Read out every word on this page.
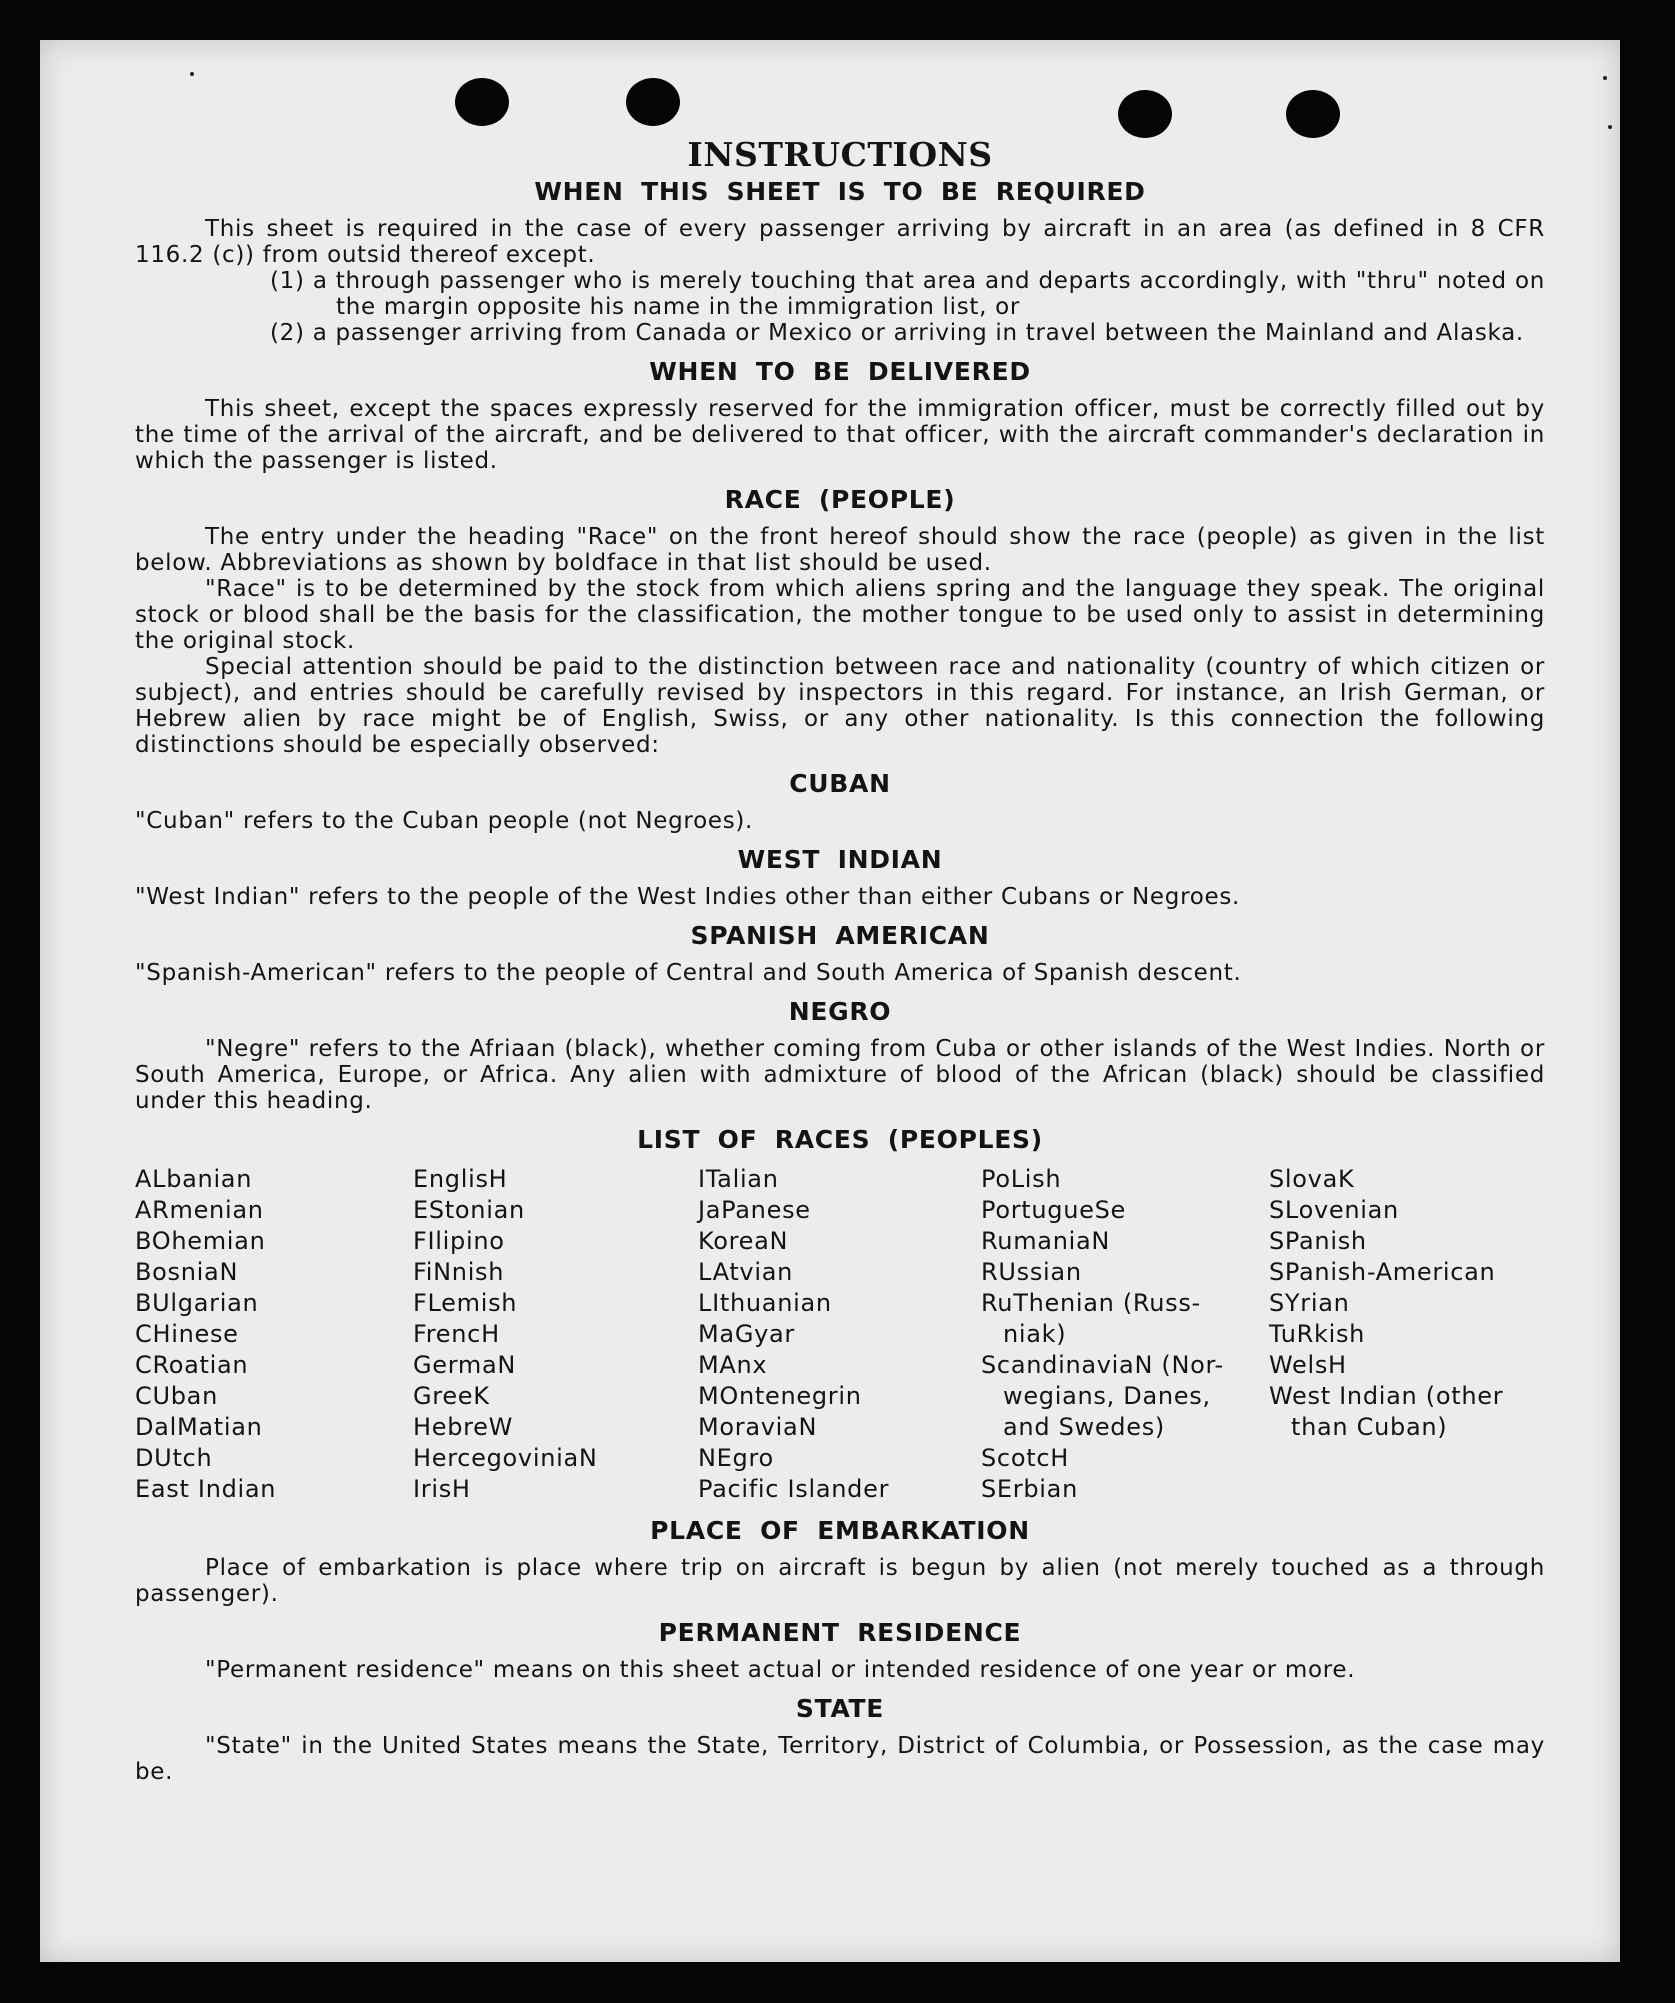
INSTRUCTIONS
WHEN THIS SHEET IS TO BE REQUIRED

This sheet is required in the case of every passenger arriving by aircraft in an area (as defined in 8 CFR 116.2 (c)) from outsid thereof except.

(1) a through passenger who is merely touching that area and departs accordingly, with "thru" noted on the margin opposite his name in the immigration list, or

(2) a passenger arriving from Canada or Mexico or arriving in travel between the Mainland and Alaska.

WHEN TO BE DELIVERED

This sheet, except the spaces expressly reserved for the immigration officer, must be correctly filled out by the time of the arrival of the aircraft, and be delivered to that officer, with the aircraft commander's declaration in which the passenger is listed.

RACE (PEOPLE)

The entry under the heading "Race" on the front hereof should show the race (people) as given in the list below. Abbreviations as shown by boldface in that list should be used.

"Race" is to be determined by the stock from which aliens spring and the language they speak. The original stock or blood shall be the basis for the classification, the mother tongue to be used only to assist in determining the original stock.

Special attention should be paid to the distinction between race and nationality (country of which citizen or subject), and entries should be carefully revised by inspectors in this regard. For instance, an Irish German, or Hebrew alien by race might be of English, Swiss, or any other nationality. Is this connection the following distinctions should be especially observed:

CUBAN

"Cuban" refers to the Cuban people (not Negroes).

WEST INDIAN

"West Indian" refers to the people of the West Indies other than either Cubans or Negroes.

SPANISH AMERICAN

"Spanish-American" refers to the people of Central and South America of Spanish descent.

NEGRO

"Negre" refers to the Afriaan (black), whether coming from Cuba or other islands of the West Indies. North or South America, Europe, or Africa. Any alien with admixture of blood of the African (black) should be classified under this heading.

LIST OF RACES (PEOPLES)
ALbanian
ARmenian
BOhemian
BosniaN
BUlgarian
CHinese
CRoatian
CUban
DalMatian
DUtch
East Indian
EnglisH
EStonian
FIlipino
FiNnish
FLemish
FrencH
GermaN
GreeK
HebreW
HercegoviniaN
IrisH
ITalian
JaPanese
KoreaN
LAtvian
LIthuanian
MaGyar
MAnx
MOntenegrin
MoraviaN
NEgro
Pacific Islander
PoLish
PortugueSe
RumaniaN
RUssian
RuThenian (Russ-
niak)
ScandinaviaN (Nor-
wegians, Danes,
and Swedes)
ScotcH
SErbian
SlovaK
SLovenian
SPanish
SPanish-American
SYrian
TuRkish
WelsH
West Indian (other
than Cuban)
PLACE OF EMBARKATION

Place of embarkation is place where trip on aircraft is begun by alien (not merely touched as a through passenger).

PERMANENT RESIDENCE

"Permanent residence" means on this sheet actual or intended residence of one year or more.

STATE

"State" in the United States means the State, Territory, District of Columbia, or Possession, as the case may be.
